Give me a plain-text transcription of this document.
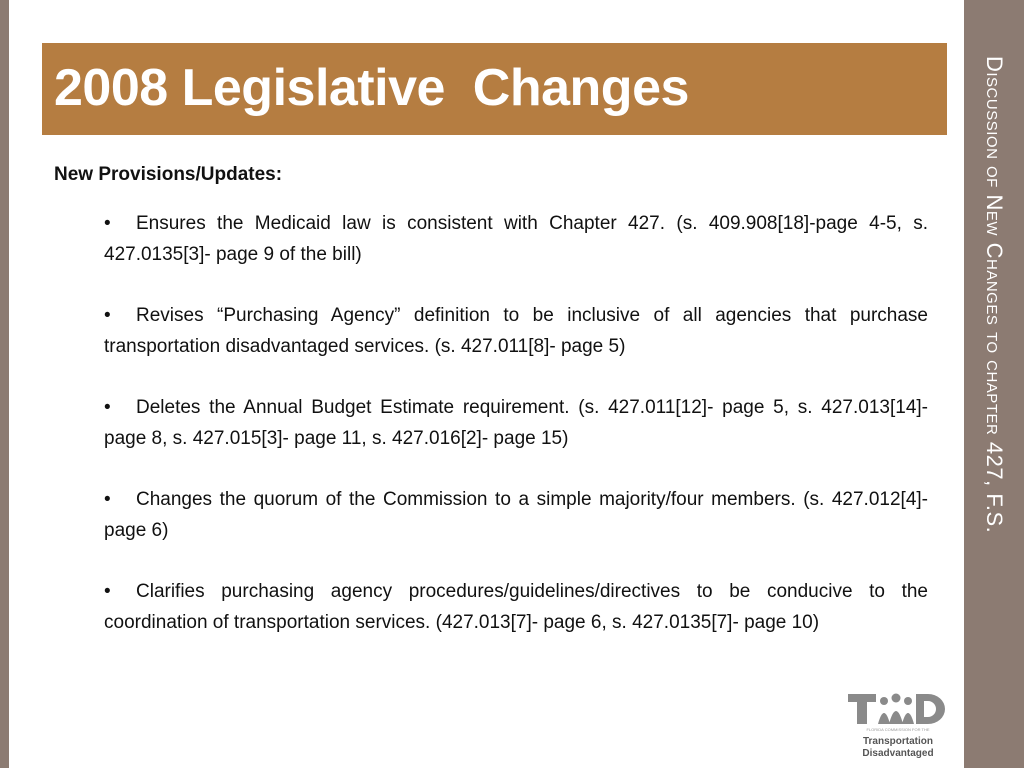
Discussion of New Changes to chapter 427, F.S.
2008 Legislative  Changes

New Provisions/Updates:

• Ensures the Medicaid law is consistent with Chapter 427. (s. 409.908[18]-page 4-5, s. 427.0135[3]- page 9 of the bill)
• Revises “Purchasing Agency” definition to be inclusive of all agencies that purchase transportation disadvantaged services. (s. 427.011[8]- page 5)
• Deletes the Annual Budget Estimate requirement. (s. 427.011[12]- page 5, s. 427.013[14]- page 8, s. 427.015[3]- page 11, s. 427.016[2]- page 15)
• Changes the quorum of the Commission to a simple majority/four members. (s. 427.012[4]- page 6)
• Clarifies purchasing agency procedures/guidelines/directives to be conducive to the coordination of transportation services. (427.013[7]- page 6, s. 427.0135[7]- page 10)
FLORIDA COMMISSION FOR THE
Transportation
Disadvantaged
